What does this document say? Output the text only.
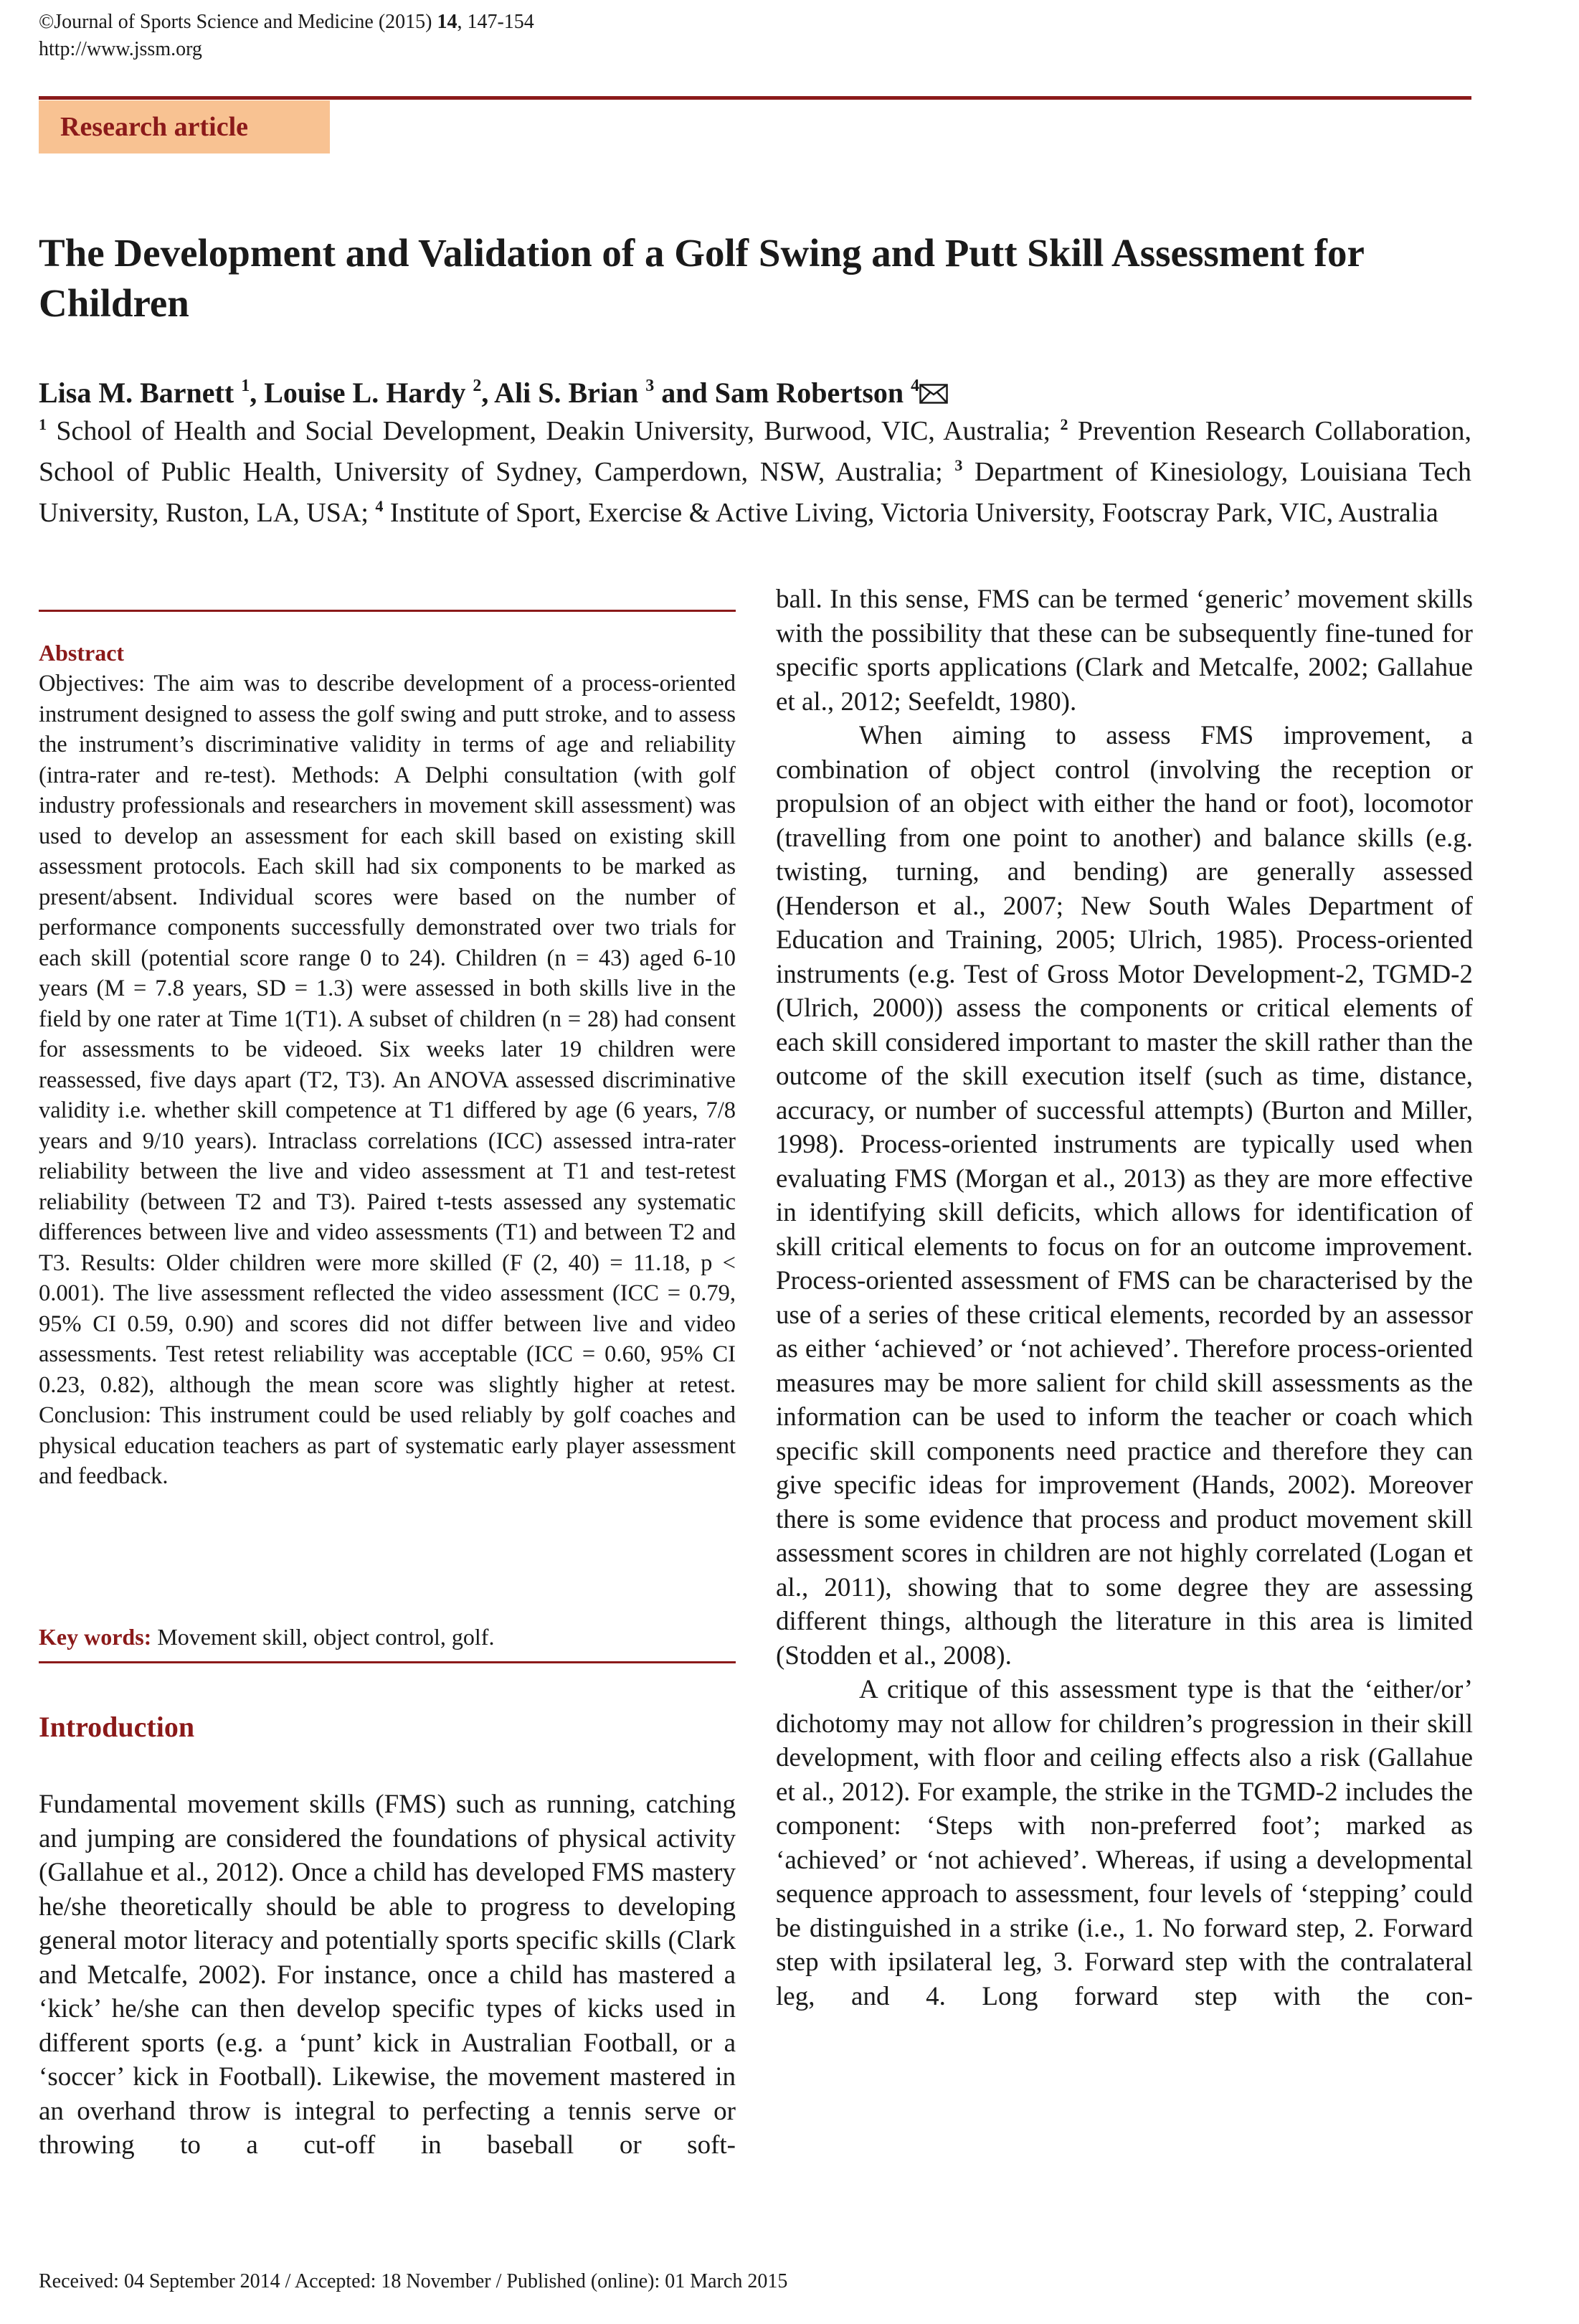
©Journal of Sports Science and Medicine (2015) 14, 147-154
http://www.jssm.org
Research article
The Development and Validation of a Golf Swing and Putt Skill Assessment for Children
Lisa M. Barnett $^1$, Louise L. Hardy $^2$, Ali S. Brian $^3$ and Sam Robertson $^4$
$^1$ School of Health and Social Development, Deakin University, Burwood, VIC, Australia; $^2$ Prevention Research Collaboration, School of Public Health, University of Sydney, Camperdown, NSW, Australia; $^3$ Department of Kinesiology, Louisiana Tech University, Ruston, LA, USA; $^4$ Institute of Sport, Exercise & Active Living, Victoria University, Footscray Park, VIC, Australia
Abstract
Objectives: The aim was to describe development of a process-oriented instrument designed to assess the golf swing and putt stroke, and to assess the instrument’s discriminative validity in terms of age and reliability (intra-rater and re-test). Methods: A Delphi consultation (with golf industry professionals and researchers in movement skill assessment) was used to develop an assessment for each skill based on existing skill assessment protocols. Each skill had six components to be marked as present/absent. Individual scores were based on the number of performance components successfully demonstrated over two trials for each skill (potential score range 0 to 24). Children (n = 43) aged 6-10 years (M = 7.8 years, SD = 1.3) were assessed in both skills live in the field by one rater at Time 1(T1). A subset of children (n = 28) had consent for assessments to be videoed. Six weeks later 19 children were reassessed, five days apart (T2, T3). An ANOVA assessed discriminative validity i.e. whether skill competence at T1 differed by age (6 years, 7/8 years and 9/10 years). Intraclass correlations (ICC) assessed intra-rater reliability between the live and video assessment at T1 and test-retest reliability (between T2 and T3). Paired t-tests assessed any systematic differences between live and video assessments (T1) and between T2 and T3. Results: Older children were more skilled (F (2, 40) = 11.18, p < 0.001). The live assessment reflected the video assessment (ICC = 0.79, 95% CI 0.59, 0.90) and scores did not differ between live and video assessments. Test retest reliability was acceptable (ICC = 0.60, 95% CI 0.23, 0.82), although the mean score was slightly higher at retest. Conclusion: This instrument could be used reliably by golf coaches and physical education teachers as part of systematic early player assessment and feedback.
Key words: Movement skill, object control, golf.
Introduction

Fundamental movement skills (FMS) such as running, catching and jumping are considered the foundations of physical activity (Gallahue et al., 2012). Once a child has developed FMS mastery he/she theoretically should be able to progress to developing general motor literacy and potentially sports specific skills (Clark and Metcalfe, 2002). For instance, once a child has mastered a ‘kick’ he/she can then develop specific types of kicks used in different sports (e.g. a ‘punt’ kick in Australian Football, or a ‘soccer’ kick in Football). Likewise, the movement mastered in an overhand throw is integral to perfecting a tennis serve or throwing to a cut-off in baseball or soft-

ball. In this sense, FMS can be termed ‘generic’ movement skills with the possibility that these can be subsequently fine-tuned for specific sports applications (Clark and Metcalfe, 2002; Gallahue et al., 2012; Seefeldt, 1980).

When aiming to assess FMS improvement, a combination of object control (involving the reception or propulsion of an object with either the hand or foot), locomotor (travelling from one point to another) and balance skills (e.g. twisting, turning, and bending) are generally assessed (Henderson et al., 2007; New South Wales Department of Education and Training, 2005; Ulrich, 1985). Process-oriented instruments (e.g. Test of Gross Motor Development-2, TGMD-2 (Ulrich, 2000)) assess the components or critical elements of each skill considered important to master the skill rather than the outcome of the skill execution itself (such as time, distance, accuracy, or number of successful attempts) (Burton and Miller, 1998). Process-oriented instruments are typically used when evaluating FMS (Morgan et al., 2013) as they are more effective in identifying skill deficits, which allows for identification of skill critical elements to focus on for an outcome improvement. Process-oriented assessment of FMS can be characterised by the use of a series of these critical elements, recorded by an assessor as either ‘achieved’ or ‘not achieved’. Therefore process-oriented measures may be more salient for child skill assessments as the information can be used to inform the teacher or coach which specific skill components need practice and therefore they can give specific ideas for improvement (Hands, 2002). Moreover there is some evidence that process and product movement skill assessment scores in children are not highly correlated (Logan et al., 2011), showing that to some degree they are assessing different things, although the literature in this area is limited (Stodden et al., 2008).

A critique of this assessment type is that the ‘either/or’ dichotomy may not allow for children’s progression in their skill development, with floor and ceiling effects also a risk (Gallahue et al., 2012). For example, the strike in the TGMD-2 includes the component: ‘Steps with non-preferred foot’; marked as ‘achieved’ or ‘not achieved’. Whereas, if using a developmental sequence approach to assessment, four levels of ‘stepping’ could be distinguished in a strike (i.e., 1. No forward step, 2. Forward step with ipsilateral leg, 3. Forward step with the contralateral leg, and 4. Long forward step with the con-

Received: 04 September 2014 / Accepted: 18 November / Published (online): 01 March 2015
